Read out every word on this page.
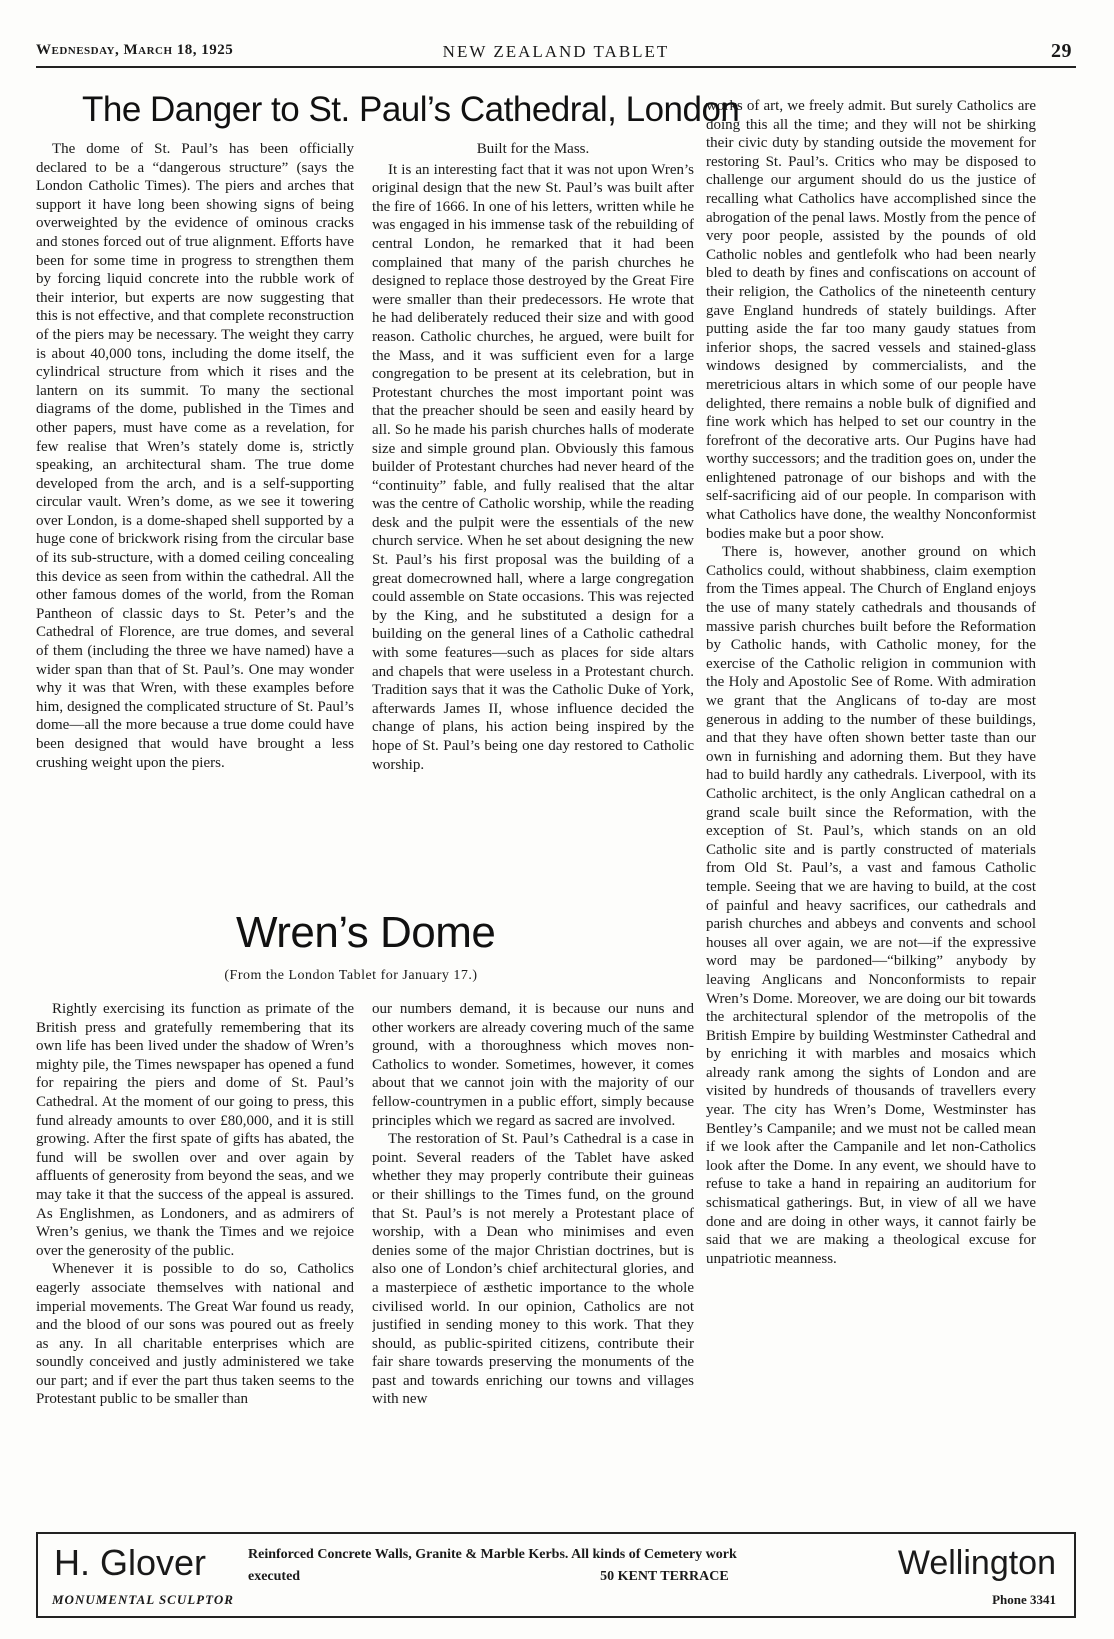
Wednesday, March 18, 1925	NEW ZEALAND TABLET	29
The Danger to St. Paul’s Cathedral, London

The dome of St. Paul’s has been officially declared to be a “dangerous structure” (says the London Catholic Times). The piers and arches that support it have long been showing signs of being overweighted by the evidence of ominous cracks and stones forced out of true alignment. Efforts have been for some time in progress to strengthen them by forcing liquid concrete into the rubble work of their interior, but experts are now suggesting that this is not effective, and that complete reconstruction of the piers may be necessary. The weight they carry is about 40,000 tons, including the dome itself, the cylindrical structure from which it rises and the lantern on its summit. To many the sectional diagrams of the dome, published in the Times and other papers, must have come as a revelation, for few realise that Wren’s stately dome is, strictly speaking, an architectural sham. The true dome developed from the arch, and is a self-supporting circular vault. Wren’s dome, as we see it towering over London, is a dome-shaped shell supported by a huge cone of brickwork rising from the circular base of its sub-structure, with a domed ceiling concealing this device as seen from within the cathedral. All the other famous domes of the world, from the Roman Pantheon of classic days to St. Peter’s and the Cathedral of Florence, are true domes, and several of them (including the three we have named) have a wider span than that of St. Paul’s. One may wonder why it was that Wren, with these examples before him, designed the complicated structure of St. Paul’s dome—all the more because a true dome could have been designed that would have brought a less crushing weight upon the piers.

Built for the Mass.

It is an interesting fact that it was not upon Wren’s original design that the new St. Paul’s was built after the fire of 1666. In one of his letters, written while he was engaged in his immense task of the rebuilding of central London, he remarked that it had been complained that many of the parish churches he designed to replace those destroyed by the Great Fire were smaller than their predecessors. He wrote that he had deliberately reduced their size and with good reason. Catholic churches, he argued, were built for the Mass, and it was sufficient even for a large congregation to be present at its celebration, but in Protestant churches the most important point was that the preacher should be seen and easily heard by all. So he made his parish churches halls of moderate size and simple ground plan. Obviously this famous builder of Protestant churches had never heard of the “continuity” fable, and fully realised that the altar was the centre of Catholic worship, while the reading desk and the pulpit were the essentials of the new church service. When he set about designing the new St. Paul’s his first proposal was the building of a great domecrowned hall, where a large congregation could assemble on State occasions. This was rejected by the King, and he substituted a design for a building on the general lines of a Catholic cathedral with some features—such as places for side altars and chapels that were useless in a Protestant church. Tradition says that it was the Catholic Duke of York, afterwards James II, whose influence decided the change of plans, his action being inspired by the hope of St. Paul’s being one day restored to Catholic worship.

Wren’s Dome
(From the London Tablet for January 17.)

Rightly exercising its function as primate of the British press and gratefully remembering that its own life has been lived under the shadow of Wren’s mighty pile, the Times newspaper has opened a fund for repairing the piers and dome of St. Paul’s Cathedral. At the moment of our going to press, this fund already amounts to over £80,000, and it is still growing. After the first spate of gifts has abated, the fund will be swollen over and over again by affluents of generosity from beyond the seas, and we may take it that the success of the appeal is assured. As Englishmen, as Londoners, and as admirers of Wren’s genius, we thank the Times and we rejoice over the generosity of the public.

Whenever it is possible to do so, Catholics eagerly associate themselves with national and imperial movements. The Great War found us ready, and the blood of our sons was poured out as freely as any. In all charitable enterprises which are soundly conceived and justly administered we take our part; and if ever the part thus taken seems to the Protestant public to be smaller than

our numbers demand, it is because our nuns and other workers are already covering much of the same ground, with a thoroughness which moves non-Catholics to wonder. Sometimes, however, it comes about that we cannot join with the majority of our fellow-countrymen in a public effort, simply because principles which we regard as sacred are involved.

The restoration of St. Paul’s Cathedral is a case in point. Several readers of the Tablet have asked whether they may properly contribute their guineas or their shillings to the Times fund, on the ground that St. Paul’s is not merely a Protestant place of worship, with a Dean who minimises and even denies some of the major Christian doctrines, but is also one of London’s chief architectural glories, and a masterpiece of æsthetic importance to the whole civilised world. In our opinion, Catholics are not justified in sending money to this work. That they should, as public-spirited citizens, contribute their fair share towards preserving the monuments of the past and towards enriching our towns and villages with new

works of art, we freely admit. But surely Catholics are doing this all the time; and they will not be shirking their civic duty by standing outside the movement for restoring St. Paul’s. Critics who may be disposed to challenge our argument should do us the justice of recalling what Catholics have accomplished since the abrogation of the penal laws. Mostly from the pence of very poor people, assisted by the pounds of old Catholic nobles and gentlefolk who had been nearly bled to death by fines and confiscations on account of their religion, the Catholics of the nineteenth century gave England hundreds of stately buildings. After putting aside the far too many gaudy statues from inferior shops, the sacred vessels and stained-glass windows designed by commercialists, and the meretricious altars in which some of our people have delighted, there remains a noble bulk of dignified and fine work which has helped to set our country in the forefront of the decorative arts. Our Pugins have had worthy successors; and the tradition goes on, under the enlightened patronage of our bishops and with the self-sacrificing aid of our people. In comparison with what Catholics have done, the wealthy Nonconformist bodies make but a poor show.

There is, however, another ground on which Catholics could, without shabbiness, claim exemption from the Times appeal. The Church of England enjoys the use of many stately cathedrals and thousands of massive parish churches built before the Reformation by Catholic hands, with Catholic money, for the exercise of the Catholic religion in communion with the Holy and Apostolic See of Rome. With admiration we grant that the Anglicans of to-day are most generous in adding to the number of these buildings, and that they have often shown better taste than our own in furnishing and adorning them. But they have had to build hardly any cathedrals. Liverpool, with its Catholic architect, is the only Anglican cathedral on a grand scale built since the Reformation, with the exception of St. Paul’s, which stands on an old Catholic site and is partly constructed of materials from Old St. Paul’s, a vast and famous Catholic temple. Seeing that we are having to build, at the cost of painful and heavy sacrifices, our cathedrals and parish churches and abbeys and convents and school houses all over again, we are not—if the expressive word may be pardoned—“bilking” anybody by leaving Anglicans and Nonconformists to repair Wren’s Dome. Moreover, we are doing our bit towards the architectural splendor of the metropolis of the British Empire by building Westminster Cathedral and by enriching it with marbles and mosaics which already rank among the sights of London and are visited by hundreds of thousands of travellers every year. The city has Wren’s Dome, Westminster has Bentley’s Campanile; and we must not be called mean if we look after the Campanile and let non-Catholics look after the Dome. In any event, we should have to refuse to take a hand in repairing an auditorium for schismatical gatherings. But, in view of all we have done and are doing in other ways, it cannot fairly be said that we are making a theological excuse for unpatriotic meanness.

H. Glover
MONUMENTAL SCULPTOR
Reinforced Concrete Walls, Granite & Marble Kerbs. All kinds of Cemetery work
executed	50 KENT TERRACE	Wellington
Phone 3341
